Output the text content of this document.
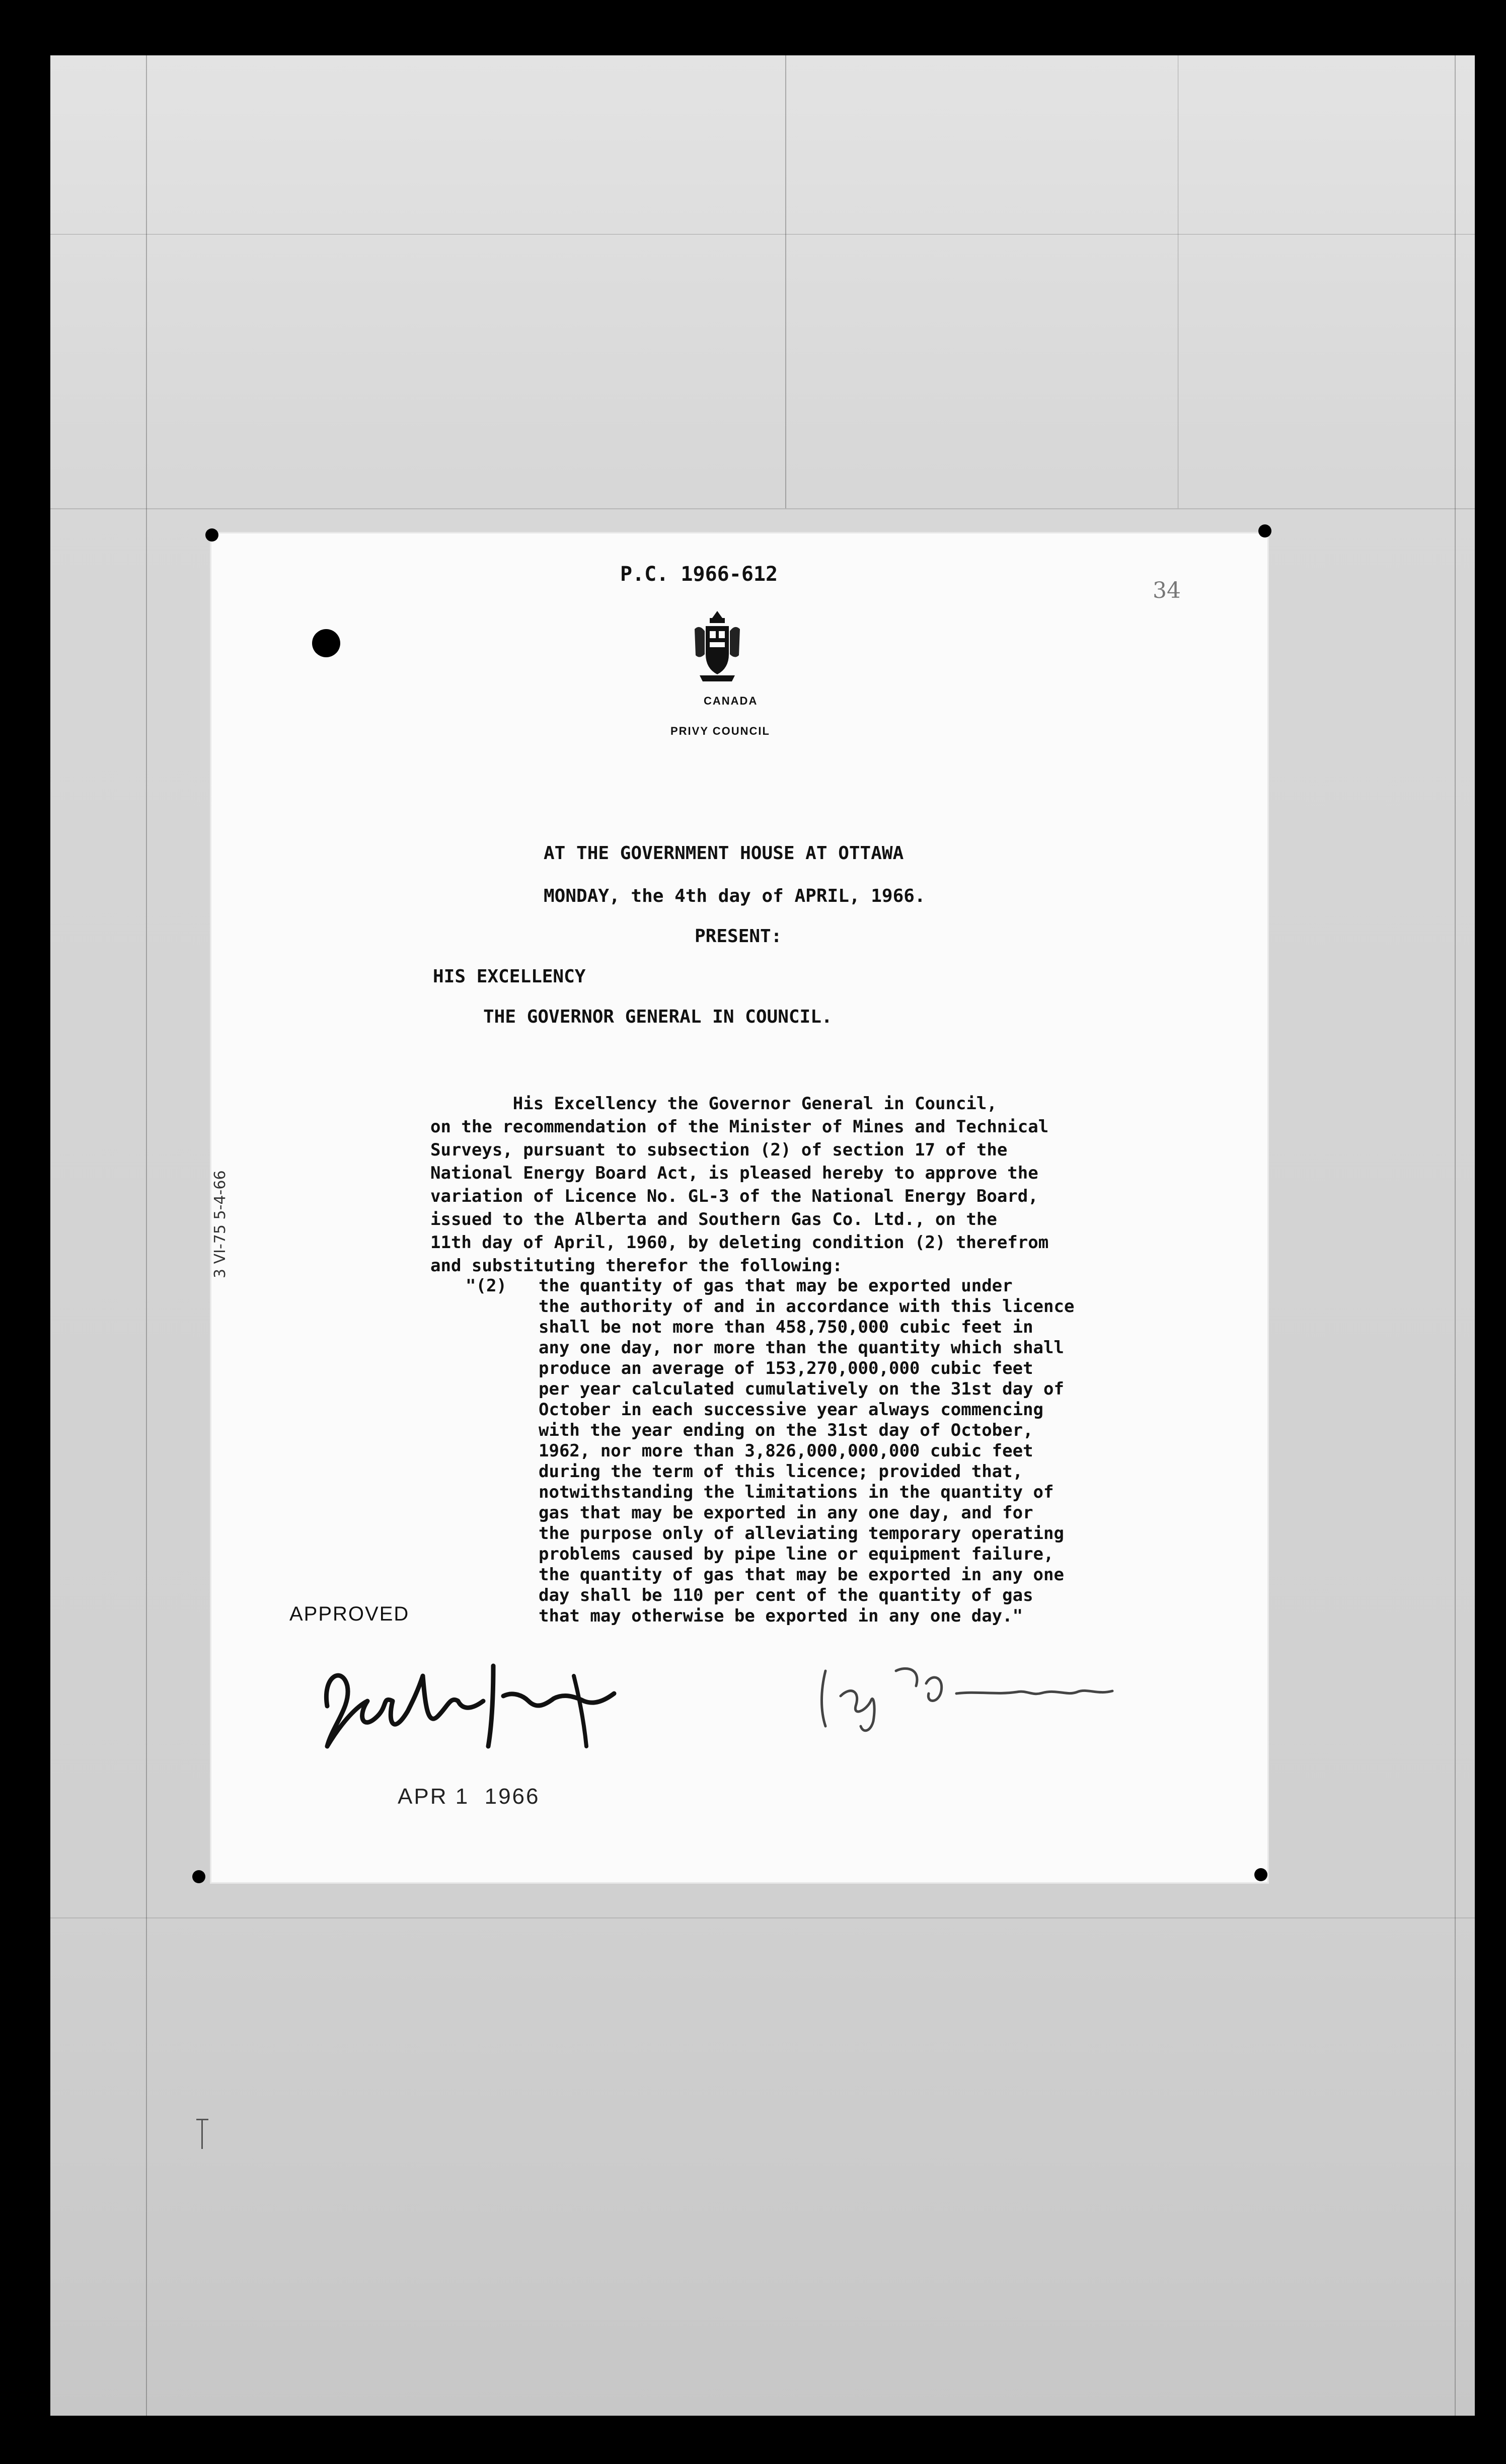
P.C. 1966-612
34
CANADA
PRIVY COUNCIL
AT THE GOVERNMENT HOUSE AT OTTAWA
MONDAY, the 4th day of APRIL, 1966.
PRESENT:
HIS EXCELLENCY
THE GOVERNOR GENERAL IN COUNCIL.
3 VI-75 5-4-66
His Excellency the Governor General in Council,
on the recommendation of the Minister of Mines and Technical
Surveys, pursuant to subsection (2) of section 17 of the
National Energy Board Act, is pleased hereby to approve the
variation of Licence No. GL-3 of the National Energy Board,
issued to the Alberta and Southern Gas Co. Ltd., on the
11th day of April, 1960, by deleting condition (2) therefrom
and substituting therefor the following:
"(2) the quantity of gas that may be exported under
the authority of and in accordance with this licence
shall be not more than 458,750,000 cubic feet in
any one day, nor more than the quantity which shall
produce an average of 153,270,000,000 cubic feet
per year calculated cumulatively on the 31st day of
October in each successive year always commencing
with the year ending on the 31st day of October,
1962, nor more than 3,826,000,000,000 cubic feet
during the term of this licence; provided that,
notwithstanding the limitations in the quantity of
gas that may be exported in any one day, and for
the purpose only of alleviating temporary operating
problems caused by pipe line or equipment failure,
the quantity of gas that may be exported in any one
day shall be 110 per cent of the quantity of gas
that may otherwise be exported in any one day."
APPROVED
APR 1  1966
